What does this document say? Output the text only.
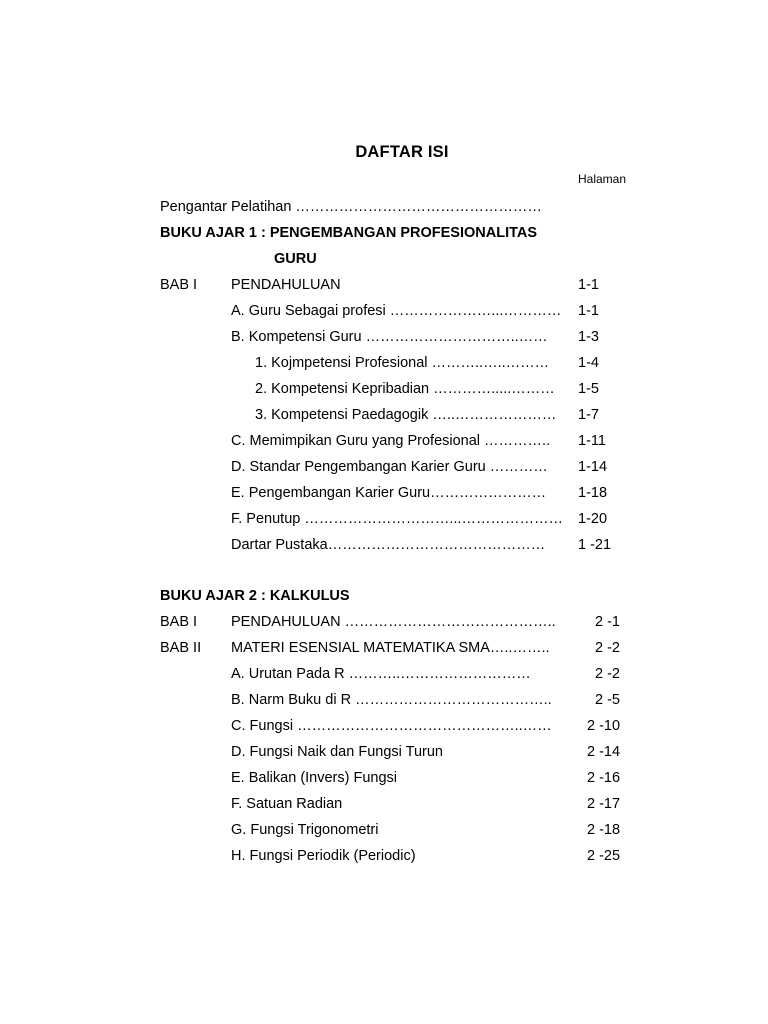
DAFTAR ISI
Halaman
Pengantar Pelatihan ……………………………………………
BUKU AJAR 1 : PENGEMBANGAN PROFESIONALITAS
GURU
BAB I PENDAHULUAN	1-1
A. Guru Sebagai profesi …………………...………… 1-1
B. Kompetensi Guru …………………………..…… 1-3
1. Kojmpetensi Profesional ………..…..……… 1-4
2. Kompetensi Kepribadian ………….....……… 1-5
3. Kompetensi Paedagogik …..………………… 1-7
C. Memimpikan Guru yang Profesional ………….. 1-11
D. Standar Pengembangan Karier Guru ………… 1-14
E. Pengembangan Karier Guru…………………… 1-18
F. Penutup …………………………...………………… 1-20
Dartar Pustaka……………………………………… 1 -21
BUKU AJAR 2 : KALKULUS
BAB I PENDAHULUAN ……………………………………..	2 -1
BAB II MATERI ESENSIAL MATEMATIKA SMA…..……..	2 -2
A. Urutan Pada R ………..………………………	2 -2
B. Narm Buku di R …………………………………..	2 -5
C. Fungsi ………………………………………..…… 2 -10
D. Fungsi Naik dan Fungsi Turun	2 -14
E. Balikan (Invers) Fungsi	2 -16
F. Satuan Radian	2 -17
G. Fungsi Trigonometri	2 -18
H. Fungsi Periodik (Periodic)	2 -25
